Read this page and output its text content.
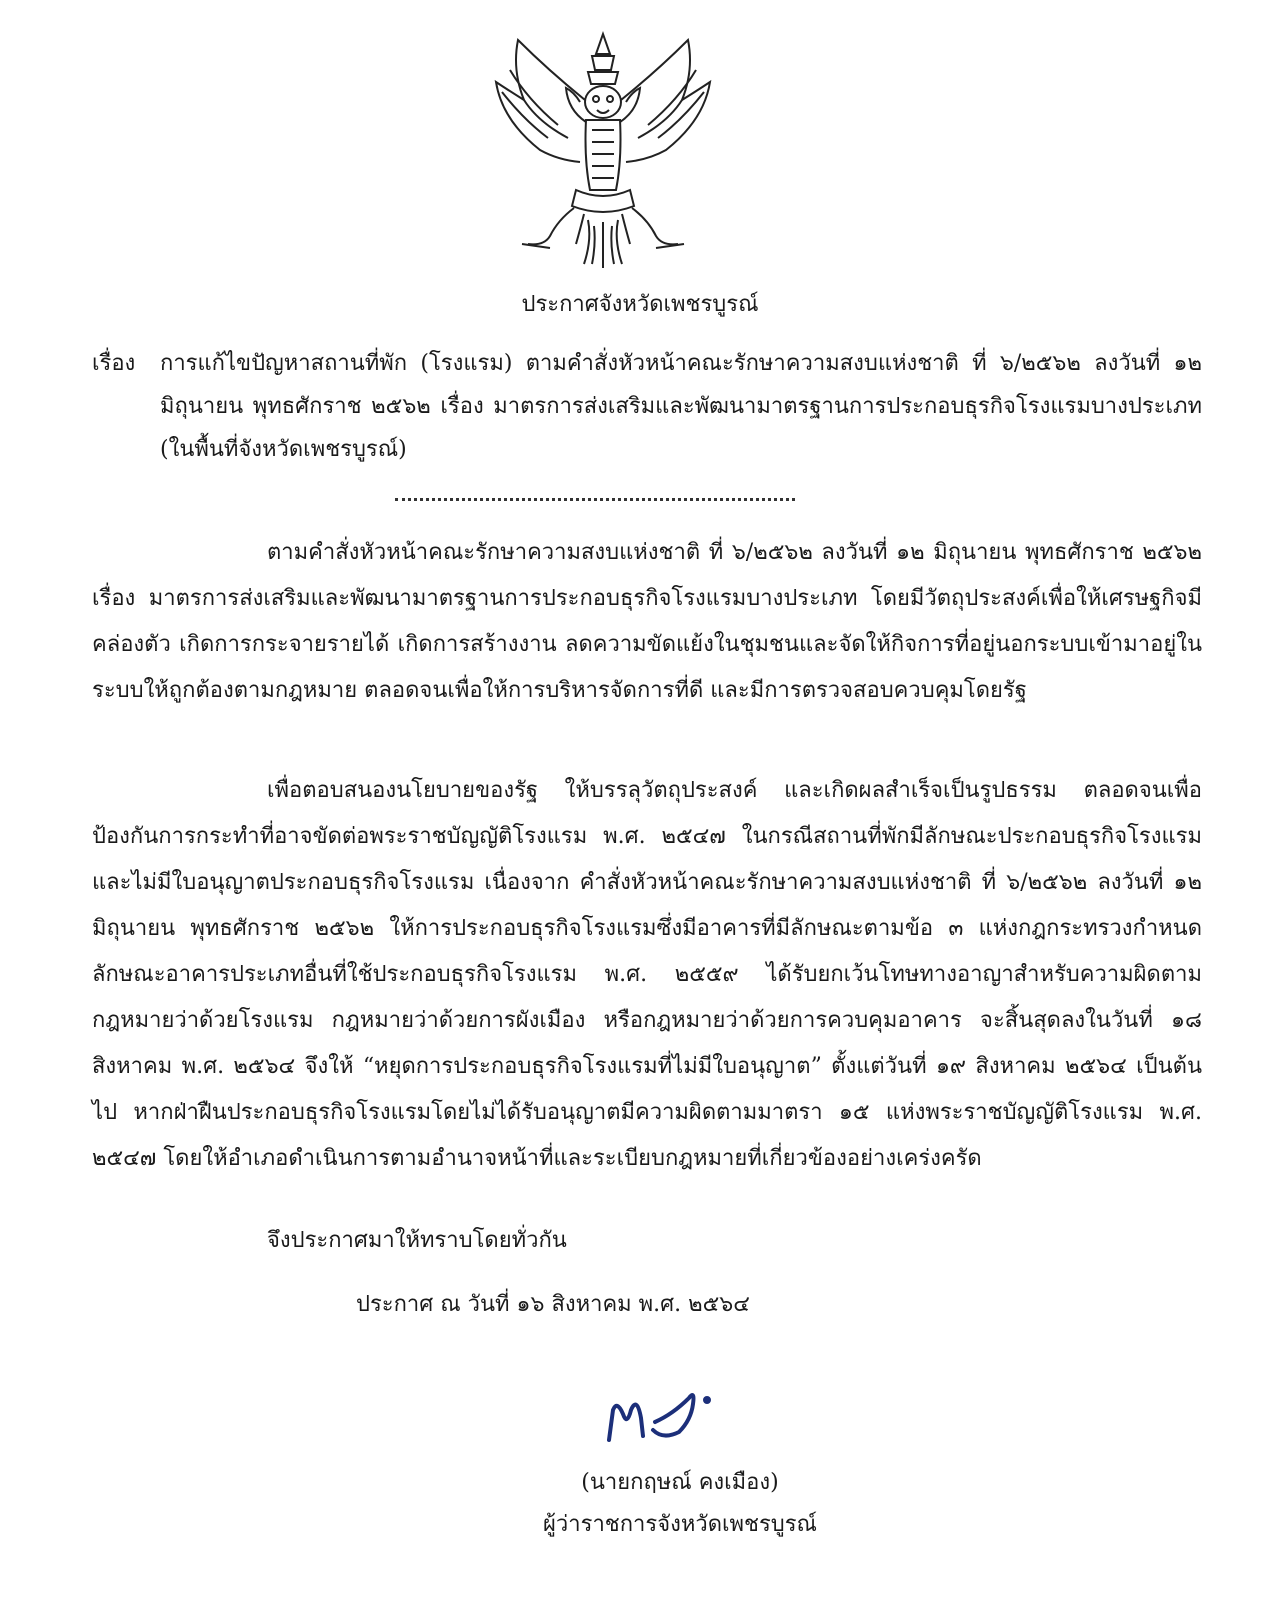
ประกาศจังหวัดเพชรบูรณ์
เรื่อง การแก้ไขปัญหาสถานที่พัก (โรงแรม) ตามคำสั่งหัวหน้าคณะรักษาความสงบแห่งชาติ ที่ ๖/๒๕๖๒ ลงวันที่ ๑๒ มิถุนายน พุทธศักราช ๒๕๖๒ เรื่อง มาตรการส่งเสริมและพัฒนามาตรฐานการประกอบธุรกิจโรงแรมบางประเภท (ในพื้นที่จังหวัดเพชรบูรณ์)
ตามคำสั่งหัวหน้าคณะรักษาความสงบแห่งชาติ ที่ ๖/๒๕๖๒ ลงวันที่ ๑๒ มิถุนายน พุทธศักราช ๒๕๖๒ เรื่อง มาตรการส่งเสริมและพัฒนามาตรฐานการประกอบธุรกิจโรงแรมบางประเภท โดยมีวัตถุประสงค์เพื่อให้เศรษฐกิจมีคล่องตัว เกิดการกระจายรายได้ เกิดการสร้างงาน ลดความขัดแย้งในชุมชนและจัดให้กิจการที่อยู่นอกระบบเข้ามาอยู่ในระบบให้ถูกต้องตามกฎหมาย ตลอดจนเพื่อให้การบริหารจัดการที่ดี และมีการตรวจสอบควบคุมโดยรัฐ
เพื่อตอบสนองนโยบายของรัฐ ให้บรรลุวัตถุประสงค์ และเกิดผลสำเร็จเป็นรูปธรรม ตลอดจนเพื่อป้องกันการกระทำที่อาจขัดต่อพระราชบัญญัติโรงแรม พ.ศ. ๒๕๔๗ ในกรณีสถานที่พักมีลักษณะประกอบธุรกิจโรงแรมและไม่มีใบอนุญาตประกอบธุรกิจโรงแรม เนื่องจาก คำสั่งหัวหน้าคณะรักษาความสงบแห่งชาติ ที่ ๖/๒๕๖๒ ลงวันที่ ๑๒ มิถุนายน พุทธศักราช ๒๕๖๒ ให้การประกอบธุรกิจโรงแรมซึ่งมีอาคารที่มีลักษณะตามข้อ ๓ แห่งกฎกระทรวงกำหนดลักษณะอาคารประเภทอื่นที่ใช้ประกอบธุรกิจโรงแรม พ.ศ. ๒๕๕๙ ได้รับยกเว้นโทษทางอาญาสำหรับความผิดตามกฎหมายว่าด้วยโรงแรม กฎหมายว่าด้วยการผังเมือง หรือกฎหมายว่าด้วยการควบคุมอาคาร จะสิ้นสุดลงในวันที่ ๑๘ สิงหาคม พ.ศ. ๒๕๖๔ จึงให้ “หยุดการประกอบธุรกิจโรงแรมที่ไม่มีใบอนุญาต” ตั้งแต่วันที่ ๑๙ สิงหาคม ๒๕๖๔ เป็นต้นไป หากฝ่าฝืนประกอบธุรกิจโรงแรมโดยไม่ได้รับอนุญาตมีความผิดตามมาตรา ๑๕ แห่งพระราชบัญญัติโรงแรม พ.ศ. ๒๕๔๗ โดยให้อำเภอดำเนินการตามอำนาจหน้าที่และระเบียบกฎหมายที่เกี่ยวข้องอย่างเคร่งครัด
จึงประกาศมาให้ทราบโดยทั่วกัน
ประกาศ ณ วันที่ ๑๖ สิงหาคม พ.ศ. ๒๕๖๔
(นายกฤษณ์ คงเมือง)
ผู้ว่าราชการจังหวัดเพชรบูรณ์
